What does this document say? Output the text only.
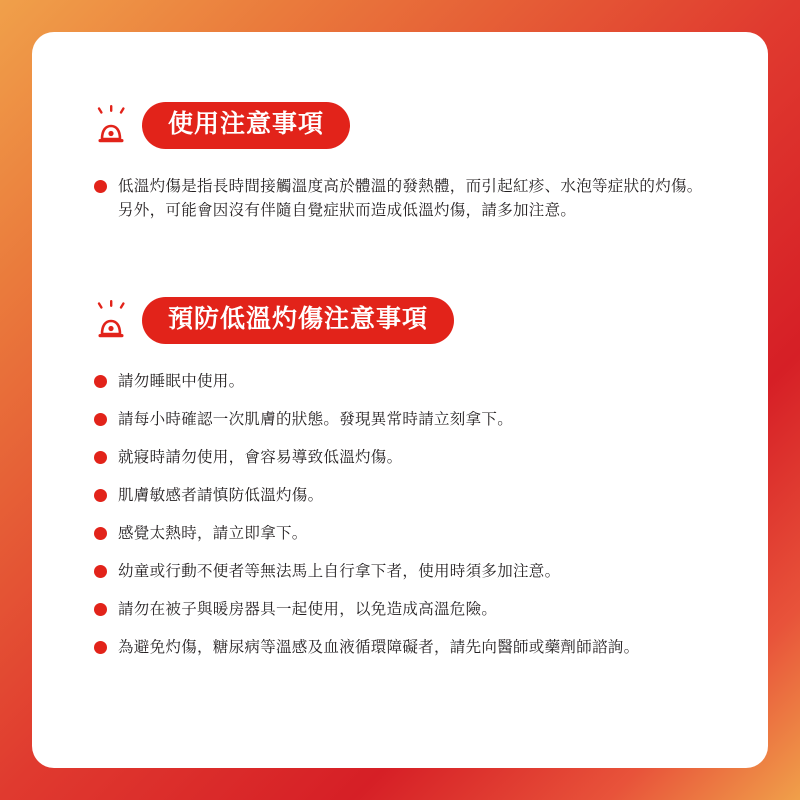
使用注意事項
低溫灼傷是指長時間接觸溫度高於體溫的發熱體，而引起紅疹、水泡等症狀的灼傷。另外，可能會因沒有伴隨自覺症狀而造成低溫灼傷，請多加注意。
預防低溫灼傷注意事項
請勿睡眠中使用。
請每小時確認一次肌膚的狀態。發現異常時請立刻拿下。
就寢時請勿使用，會容易導致低溫灼傷。
肌膚敏感者請慎防低溫灼傷。
感覺太熱時，請立即拿下。
幼童或行動不便者等無法馬上自行拿下者，使用時須多加注意。
請勿在被子與暖房器具一起使用，以免造成高溫危險。
為避免灼傷，糖尿病等溫感及血液循環障礙者，請先向醫師或藥劑師諮詢。
